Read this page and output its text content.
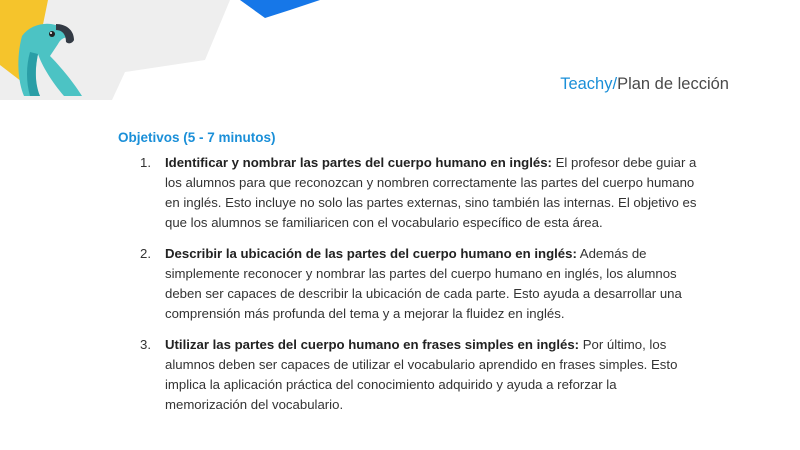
Teachy/Plan de lección
Objetivos (5 - 7 minutos)
1.	Identificar y nombrar las partes del cuerpo humano en inglés: El profesor debe guiar a los alumnos para que reconozcan y nombren correctamente las partes del cuerpo humano en inglés. Esto incluye no solo las partes externas, sino también las internas. El objetivo es que los alumnos se familiaricen con el vocabulario específico de esta área.
2.	Describir la ubicación de las partes del cuerpo humano en inglés: Además de simplemente reconocer y nombrar las partes del cuerpo humano en inglés, los alumnos deben ser capaces de describir la ubicación de cada parte. Esto ayuda a desarrollar una comprensión más profunda del tema y a mejorar la fluidez en inglés.
3.	Utilizar las partes del cuerpo humano en frases simples en inglés: Por último, los alumnos deben ser capaces de utilizar el vocabulario aprendido en frases simples. Esto implica la aplicación práctica del conocimiento adquirido y ayuda a reforzar la memorización del vocabulario.
